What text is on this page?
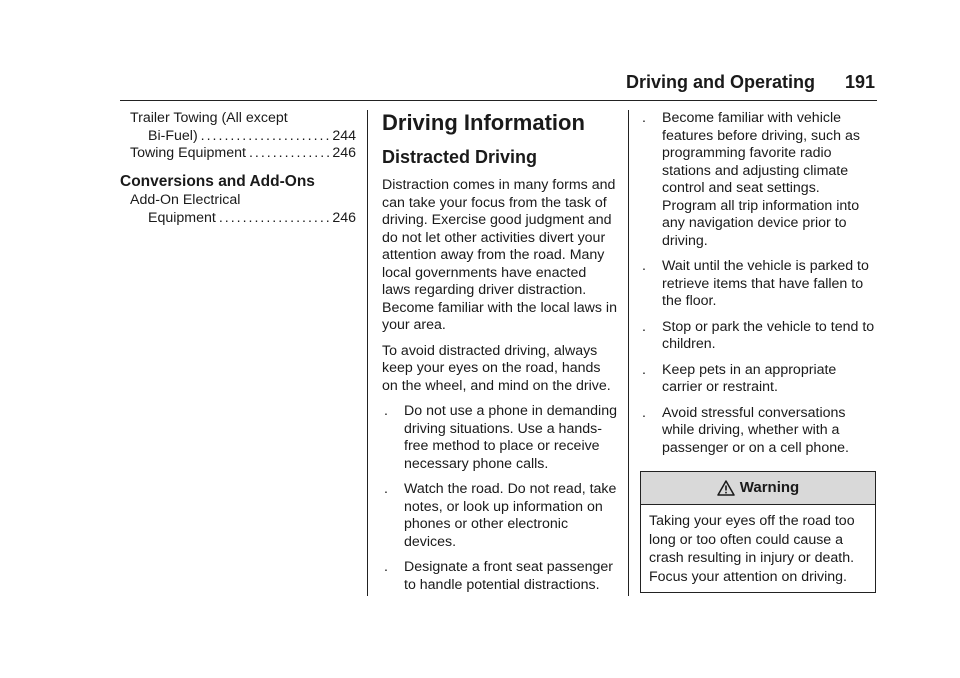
Driving and Operating 191
Trailer Towing (All except
Bi-Fuel) .....	244
Towing Equipment .....	246
Conversions and Add-Ons
Add-On Electrical
Equipment .....	246
Driving Information
Distracted Driving

Distraction comes in many forms and can take your focus from the task of driving. Exercise good judgment and do not let other activities divert your attention away from the road. Many local governments have enacted laws regarding driver distraction. Become familiar with the local laws in your area.

To avoid distracted driving, always keep your eyes on the road, hands on the wheel, and mind on the drive.

. Do not use a phone in demanding driving situations. Use a hands-free method to place or receive necessary phone calls.
. Watch the road. Do not read, take notes, or look up information on phones or other electronic devices.
. Designate a front seat passenger to handle potential distractions.
. Become familiar with vehicle features before driving, such as programming favorite radio stations and adjusting climate control and seat settings. Program all trip information into any navigation device prior to driving.
. Wait until the vehicle is parked to retrieve items that have fallen to the floor.
. Stop or park the vehicle to tend to children.
. Keep pets in an appropriate carrier or restraint.
. Avoid stressful conversations while driving, whether with a passenger or on a cell phone.
Warning
Taking your eyes off the road too long or too often could cause a crash resulting in injury or death. Focus your attention on driving.
